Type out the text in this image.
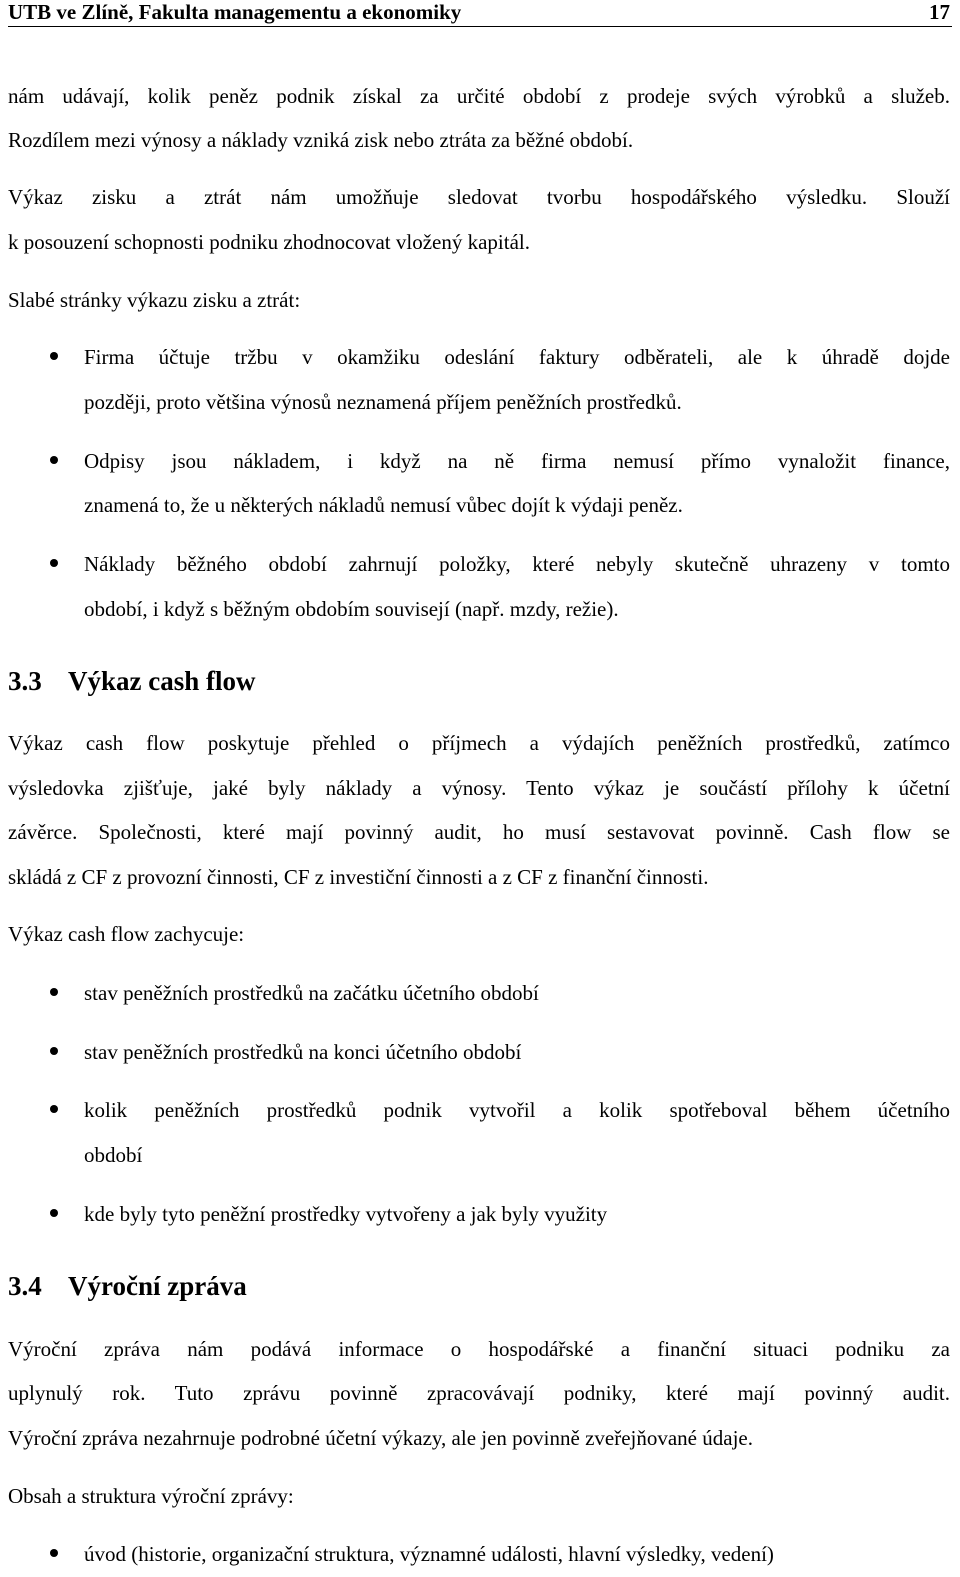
UTB ve Zlíně, Fakulta managementu a ekonomiky	17
nám udávají, kolik peněz podnik získal za určité období z prodeje svých výrobků a služeb.
Rozdílem mezi výnosy a náklady vzniká zisk nebo ztráta za běžné období.
Výkaz zisku a ztrát nám umožňuje sledovat tvorbu hospodářského výsledku. Slouží
k posouzení schopnosti podniku zhodnocovat vložený kapitál.
Slabé stránky výkazu zisku a ztrát:
Firma účtuje tržbu v okamžiku odeslání faktury odběrateli, ale k úhradě dojde
později, proto většina výnosů neznamená příjem peněžních prostředků.
Odpisy jsou nákladem, i když na ně firma nemusí přímo vynaložit finance,
znamená to, že u některých nákladů nemusí vůbec dojít k výdaji peněz.
Náklady běžného období zahrnují položky, které nebyly skutečně uhrazeny v tomto
období, i když s běžným obdobím souvisejí (např. mzdy, režie).
3.3 Výkaz cash flow
Výkaz cash flow poskytuje přehled o příjmech a výdajích peněžních prostředků, zatímco
výsledovka zjišťuje, jaké byly náklady a výnosy. Tento výkaz je součástí přílohy k účetní
závěrce. Společnosti, které mají povinný audit, ho musí sestavovat povinně. Cash flow se
skládá z CF z provozní činnosti, CF z investiční činnosti a z CF z finanční činnosti.
Výkaz cash flow zachycuje:
stav peněžních prostředků na začátku účetního období
stav peněžních prostředků na konci účetního období
kolik peněžních prostředků podnik vytvořil a kolik spotřeboval během účetního
období
kde byly tyto peněžní prostředky vytvořeny a jak byly využity
3.4 Výroční zpráva
Výroční zpráva nám podává informace o hospodářské a finanční situaci podniku za
uplynulý rok. Tuto zprávu povinně zpracovávají podniky, které mají povinný audit.
Výroční zpráva nezahrnuje podrobné účetní výkazy, ale jen povinně zveřejňované údaje.
Obsah a struktura výroční zprávy:
úvod (historie, organizační struktura, významné události, hlavní výsledky, vedení)
